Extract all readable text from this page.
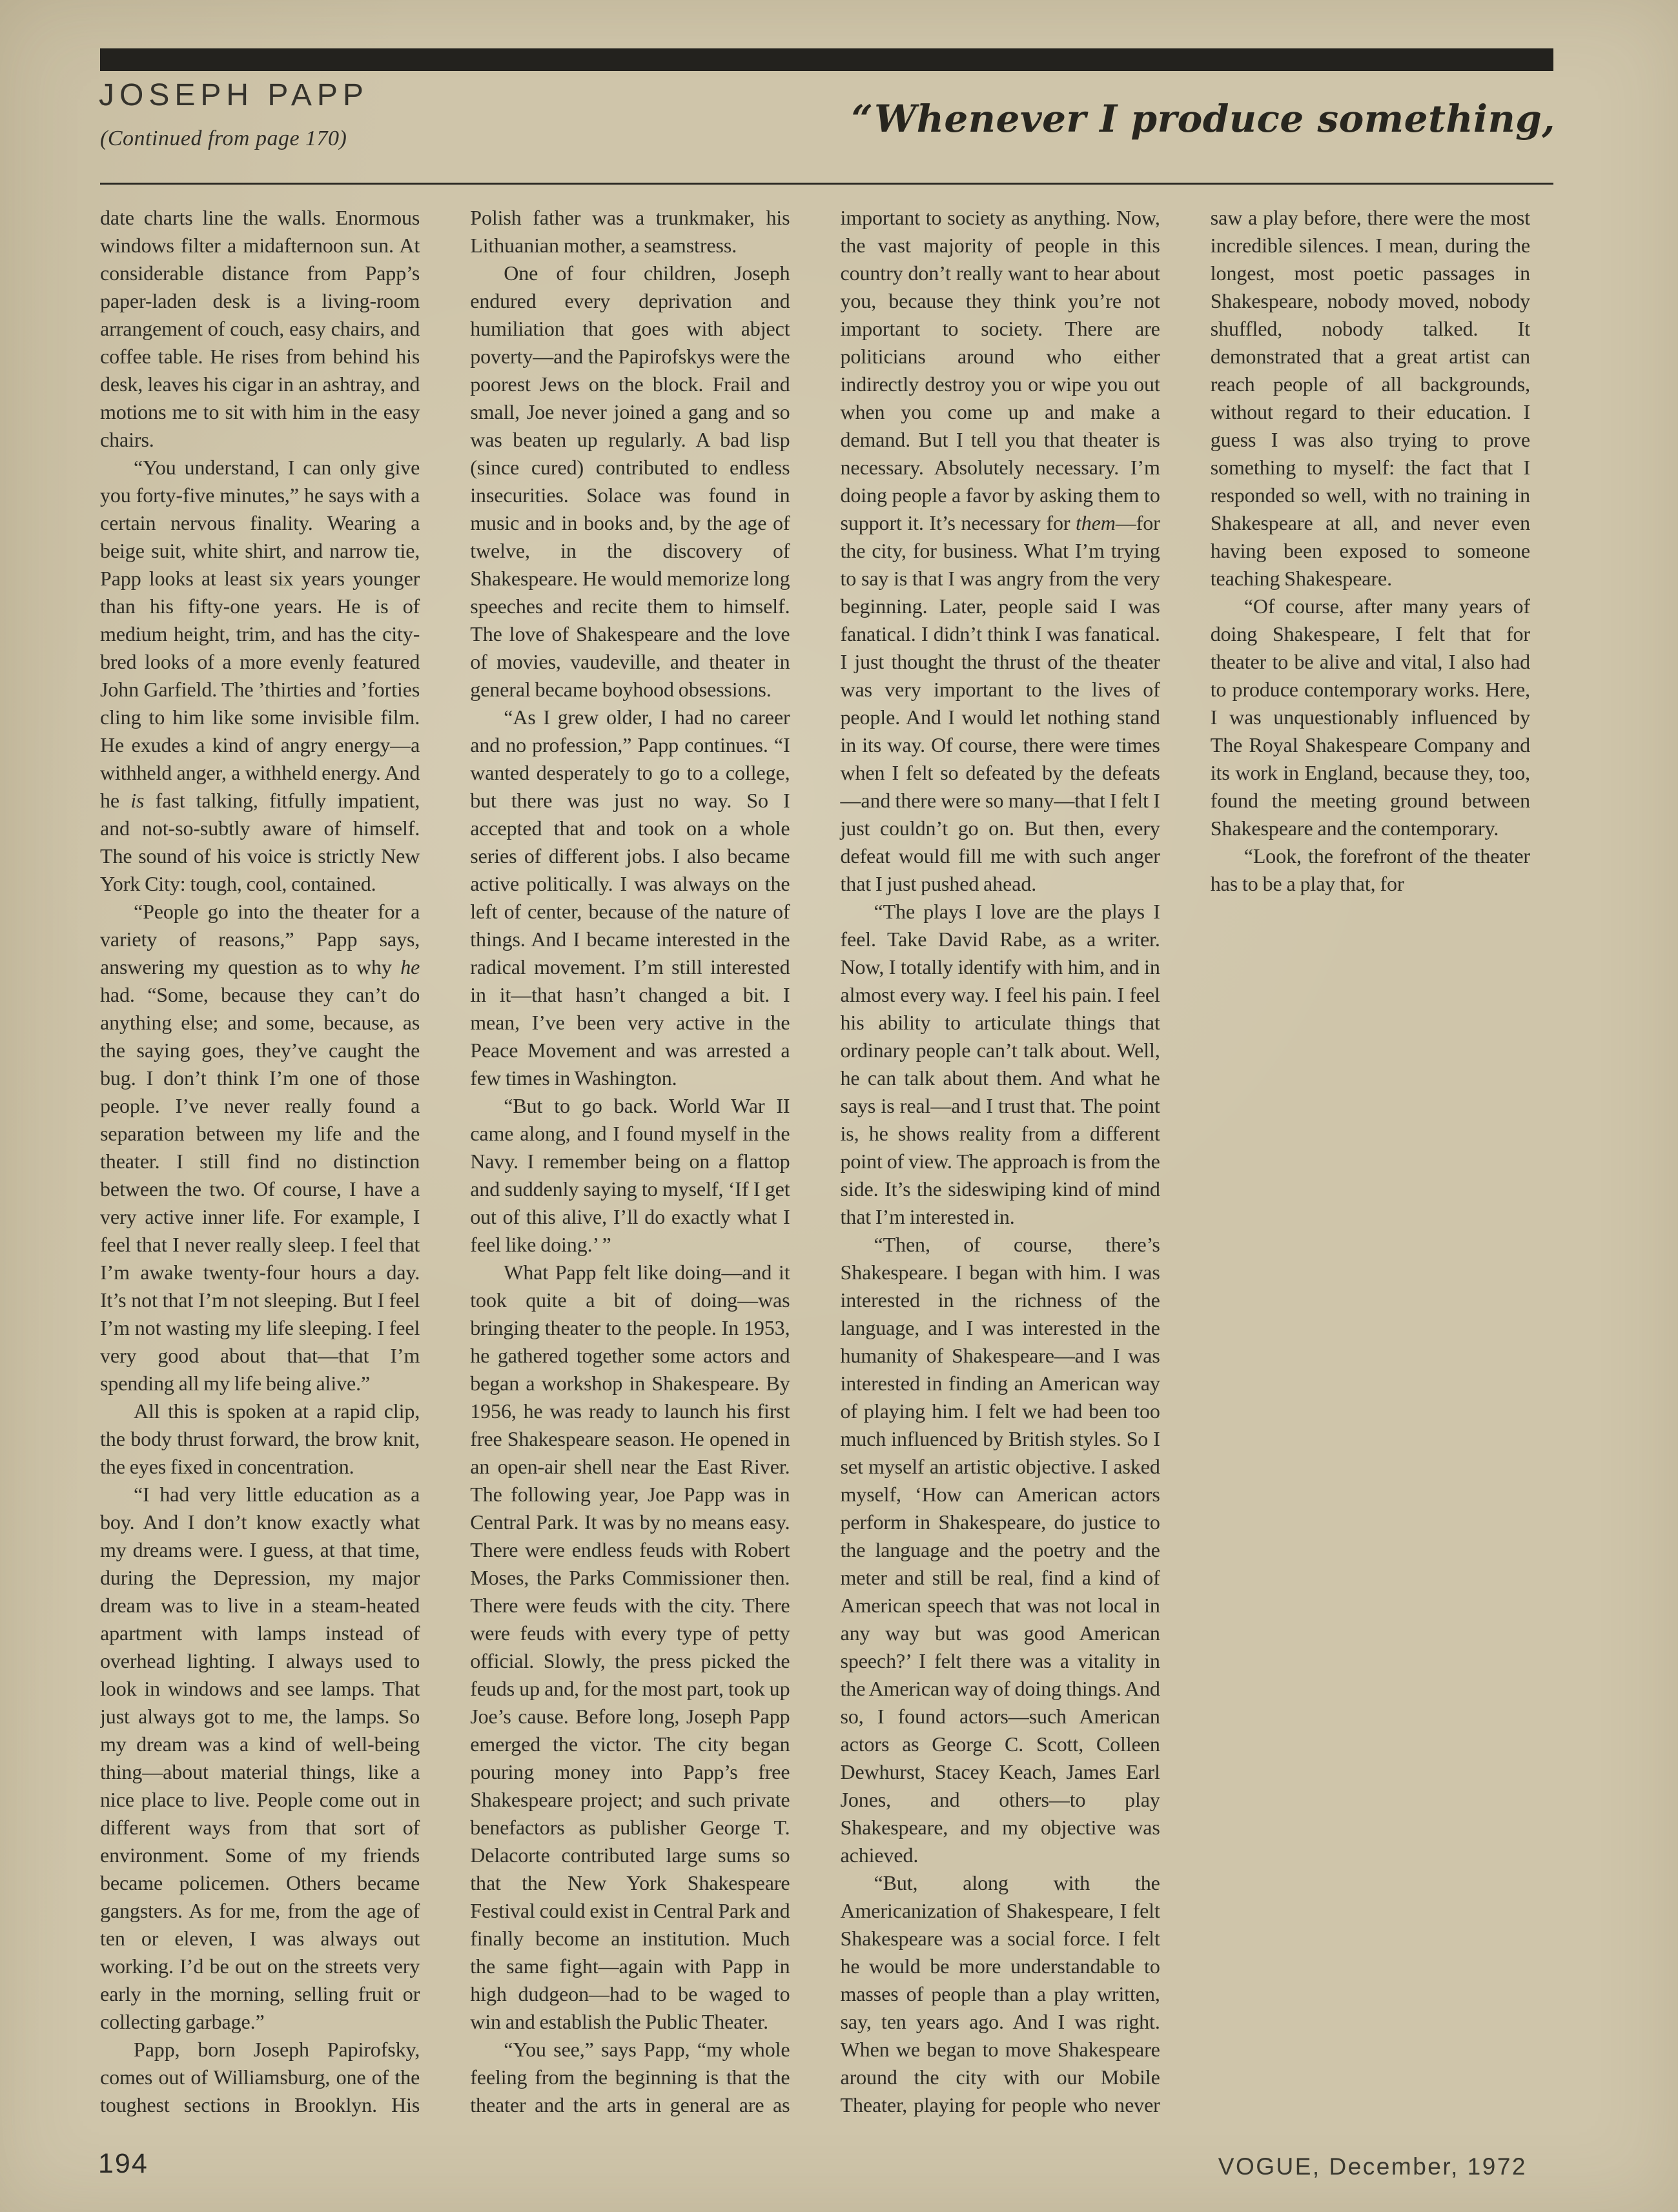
JOSEPH PAPP
(Continued from page 170)	“Whenever I produce something,

date charts line the walls. Enormous windows filter a midafternoon sun. At considerable distance from Papp’s paper-laden desk is a living-room arrangement of couch, easy chairs, and coffee table. He rises from behind his desk, leaves his cigar in an ashtray, and motions me to sit with him in the easy chairs.

“You understand, I can only give you forty-five minutes,” he says with a certain nervous finality. Wearing a beige suit, white shirt, and narrow tie, Papp looks at least six years younger than his fifty-one years. He is of medium height, trim, and has the city-bred looks of a more evenly featured John Garfield. The ’thirties and ’forties cling to him like some invisible film. He exudes a kind of angry energy—a withheld anger, a withheld energy. And he is fast talking, fitfully impatient, and not-so-subtly aware of himself. The sound of his voice is strictly New York City: tough, cool, contained.

“People go into the theater for a variety of reasons,” Papp says, answering my question as to why he had. “Some, because they can’t do anything else; and some, because, as the saying goes, they’ve caught the bug. I don’t think I’m one of those people. I’ve never really found a separation between my life and the theater. I still find no distinction between the two. Of course, I have a very active inner life. For example, I feel that I never really sleep. I feel that I’m awake twenty-four hours a day. It’s not that I’m not sleeping. But I feel I’m not wasting my life sleeping. I feel very good about that—that I’m spending all my life being alive.”

All this is spoken at a rapid clip, the body thrust forward, the brow knit, the eyes fixed in concentration.

“I had very little education as a boy. And I don’t know exactly what my dreams were. I guess, at that time, during the Depression, my major dream was to live in a steam-heated apartment with lamps instead of overhead lighting. I always used to look in windows and see lamps. That just always got to me, the lamps. So my dream was a kind of well-being thing—about material things, like a nice place to live. People come out in different ways from that sort of environment. Some of my friends became policemen. Others became gangsters. As for me, from the age of ten or eleven, I was always out working. I’d be out on the streets very early in the morning, selling fruit or collecting garbage.”

Papp, born Joseph Papirofsky, comes out of Williamsburg, one of the toughest sections in Brooklyn. His Polish father was a trunkmaker, his Lithuanian mother, a seamstress.

One of four children, Joseph endured every deprivation and humiliation that goes with abject poverty—and the Papirofskys were the poorest Jews on the block. Frail and small, Joe never joined a gang and so was beaten up regularly. A bad lisp (since cured) contributed to endless insecurities. Solace was found in music and in books and, by the age of twelve, in the discovery of Shakespeare. He would memorize long speeches and recite them to himself. The love of Shakespeare and the love of movies, vaudeville, and theater in general became boyhood obsessions.

“As I grew older, I had no career and no profession,” Papp continues. “I wanted desperately to go to a college, but there was just no way. So I accepted that and took on a whole series of different jobs. I also became active politically. I was always on the left of center, because of the nature of things. And I became interested in the radical movement. I’m still interested in it—that hasn’t changed a bit. I mean, I’ve been very active in the Peace Movement and was arrested a few times in Washington.

“But to go back. World War II came along, and I found myself in the Navy. I remember being on a flattop and suddenly saying to myself, ‘If I get out of this alive, I’ll do exactly what I feel like doing.’ ”

What Papp felt like doing—and it took quite a bit of doing—was bringing theater to the people. In 1953, he gathered together some actors and began a workshop in Shakespeare. By 1956, he was ready to launch his first free Shakespeare season. He opened in an open-air shell near the East River. The following year, Joe Papp was in Central Park. It was by no means easy. There were endless feuds with Robert Moses, the Parks Commissioner then. There were feuds with the city. There were feuds with every type of petty official. Slowly, the press picked the feuds up and, for the most part, took up Joe’s cause. Before long, Joseph Papp emerged the victor. The city began pouring money into Papp’s free Shakespeare project; and such private benefactors as publisher George T. Delacorte contributed large sums so that the New York Shakespeare Festival could exist in Central Park and finally become an institution. Much the same fight—again with Papp in high dudgeon—had to be waged to win and establish the Public Theater.

“You see,” says Papp, “my whole feeling from the beginning is that the theater and the arts in general are as important to society as anything. Now, the vast majority of people in this country don’t really want to hear about you, because they think you’re not important to society. There are politicians around who either indirectly destroy you or wipe you out when you come up and make a demand. But I tell you that theater is necessary. Absolutely necessary. I’m doing people a favor by asking them to support it. It’s necessary for them—for the city, for business. What I’m trying to say is that I was angry from the very beginning. Later, people said I was fanatical. I didn’t think I was fanatical. I just thought the thrust of the theater was very important to the lives of people. And I would let nothing stand in its way. Of course, there were times when I felt so defeated by the defeats—and there were so many—that I felt I just couldn’t go on. But then, every defeat would fill me with such anger that I just pushed ahead.

“The plays I love are the plays I feel. Take David Rabe, as a writer. Now, I totally identify with him, and in almost every way. I feel his pain. I feel his ability to articulate things that ordinary people can’t talk about. Well, he can talk about them. And what he says is real—and I trust that. The point is, he shows reality from a different point of view. The approach is from the side. It’s the sideswiping kind of mind that I’m interested in.

“Then, of course, there’s Shakespeare. I began with him. I was interested in the richness of the language, and I was interested in the humanity of Shakespeare—and I was interested in finding an American way of playing him. I felt we had been too much influenced by British styles. So I set myself an artistic objective. I asked myself, ‘How can American actors perform in Shakespeare, do justice to the language and the poetry and the meter and still be real, find a kind of American speech that was not local in any way but was good American speech?’ I felt there was a vitality in the American way of doing things. And so, I found actors—such American actors as George C. Scott, Colleen Dewhurst, Stacey Keach, James Earl Jones, and others—to play Shakespeare, and my objective was achieved.

“But, along with the Americanization of Shakespeare, I felt Shakespeare was a social force. I felt he would be more understandable to masses of people than a play written, say, ten years ago. And I was right. When we began to move Shakespeare around the city with our Mobile Theater, playing for people who never saw a play before, there were the most incredible silences. I mean, during the longest, most poetic passages in Shakespeare, nobody moved, nobody shuffled, nobody talked. It demonstrated that a great artist can reach people of all backgrounds, without regard to their education. I guess I was also trying to prove something to myself: the fact that I responded so well, with no training in Shakespeare at all, and never even having been exposed to someone teaching Shakespeare.

“Of course, after many years of doing Shakespeare, I felt that for theater to be alive and vital, I also had to produce contemporary works. Here, I was unquestionably influenced by The Royal Shakespeare Company and its work in England, because they, too, found the meeting ground between Shakespeare and the contemporary.

“Look, the forefront of the theater has to be a play that, for

194	VOGUE, December, 1972
